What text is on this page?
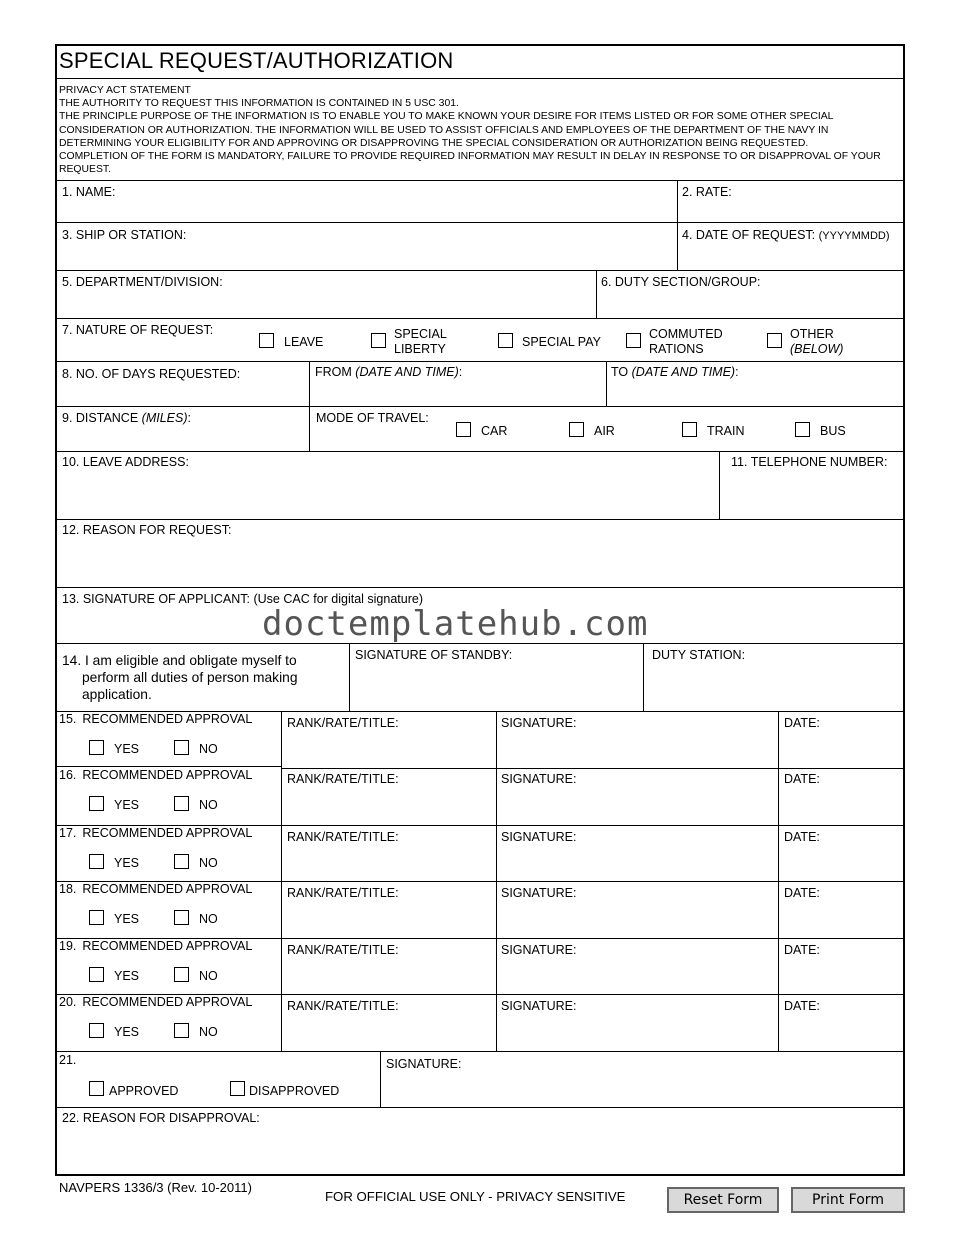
SPECIAL REQUEST/AUTHORIZATION
PRIVACY ACT STATEMENT
THE AUTHORITY TO REQUEST THIS INFORMATION IS CONTAINED IN 5 USC 301.
THE PRINCIPLE PURPOSE OF THE INFORMATION IS TO ENABLE YOU TO MAKE KNOWN YOUR DESIRE FOR ITEMS LISTED OR FOR SOME OTHER SPECIAL CONSIDERATION OR AUTHORIZATION. THE INFORMATION WILL BE USED TO ASSIST OFFICIALS AND EMPLOYEES OF THE DEPARTMENT OF THE NAVY IN DETERMINING YOUR ELIGIBILITY FOR AND APPROVING OR DISAPPROVING THE SPECIAL CONSIDERATION OR AUTHORIZATION BEING REQUESTED.
COMPLETION OF THE FORM IS MANDATORY, FAILURE TO PROVIDE REQUIRED INFORMATION MAY RESULT IN DELAY IN RESPONSE TO OR DISAPPROVAL OF YOUR REQUEST.
1. NAME:	2. RATE:
3. SHIP OR STATION:	4. DATE OF REQUEST: (YYYYMMDD)
5. DEPARTMENT/DIVISION:	6. DUTY SECTION/GROUP:
7. NATURE OF REQUEST:
LEAVE
SPECIAL
LIBERTY	SPECIAL PAY
COMMUTED
RATIONS
OTHER
(BELOW)
8. NO. OF DAYS REQUESTED:	FROM (DATE AND TIME):	TO (DATE AND TIME):
9. DISTANCE (MILES):	MODE OF TRAVEL:
CAR	AIR	TRAIN	BUS
10. LEAVE ADDRESS:	11. TELEPHONE NUMBER:
12. REASON FOR REQUEST:
13. SIGNATURE OF APPLICANT: (Use CAC for digital signature)
doctemplatehub.com
14. I am eligible and obligate myself to
perform all duties of person making
application.
SIGNATURE OF STANDBY:	DUTY STATION:
15. RECOMMENDED APPROVAL
YES	NO
RANK/RATE/TITLE:	SIGNATURE:	DATE:
16. RECOMMENDED APPROVAL
YES	NO
RANK/RATE/TITLE:	SIGNATURE:	DATE:
17. RECOMMENDED APPROVAL
YES	NO
RANK/RATE/TITLE:	SIGNATURE:	DATE:
18. RECOMMENDED APPROVAL
YES	NO
RANK/RATE/TITLE:	SIGNATURE:	DATE:
19. RECOMMENDED APPROVAL
YES	NO
RANK/RATE/TITLE:	SIGNATURE:	DATE:
20. RECOMMENDED APPROVAL
YES	NO
RANK/RATE/TITLE:	SIGNATURE:	DATE:
21.
APPROVED	DISAPPROVED
SIGNATURE:
22. REASON FOR DISAPPROVAL:
NAVPERS 1336/3 (Rev. 10-2011)
FOR OFFICIAL USE ONLY - PRIVACY SENSITIVE	Reset Form	Print Form
